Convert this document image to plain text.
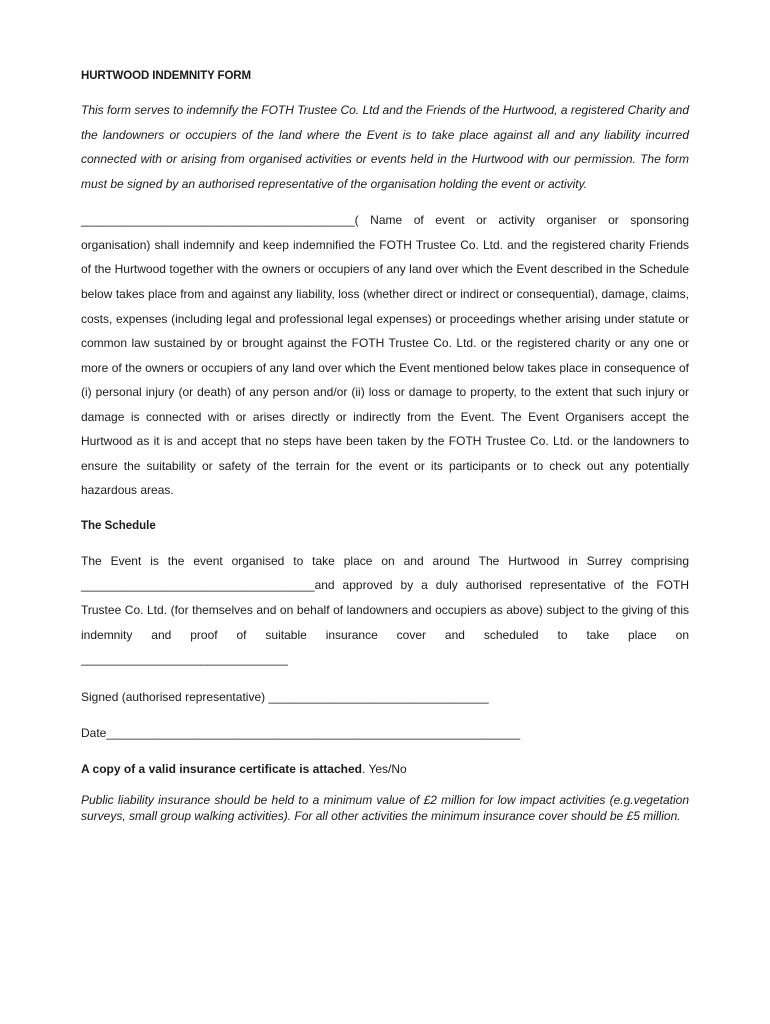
HURTWOOD INDEMNITY FORM

This form serves to indemnify the FOTH Trustee Co. Ltd and the Friends of the Hurtwood, a registered Charity and the landowners or occupiers of the land where the Event is to take place against all and any liability incurred connected with or arising from organised activities or events held in the Hurtwood with our permission. The form must be signed by an authorised representative of the organisation holding the event or activity.

_________________________________________( Name of event or activity organiser or sponsoring organisation) shall indemnify and keep indemnified the FOTH Trustee Co. Ltd. and the registered charity Friends of the Hurtwood together with the owners or occupiers of any land over which the Event described in the Schedule below takes place from and against any liability, loss (whether direct or indirect or consequential), damage, claims, costs, expenses (including legal and professional legal expenses) or proceedings whether arising under statute or common law sustained by or brought against the FOTH Trustee Co. Ltd. or the registered charity or any one or more of the owners or occupiers of any land over which the Event mentioned below takes place in consequence of (i) personal injury (or death) of any person and/or (ii) loss or damage to property, to the extent that such injury or damage is connected with or arises directly or indirectly from the Event. The Event Organisers accept the Hurtwood as it is and accept that no steps have been taken by the FOTH Trustee Co. Ltd. or the landowners to ensure the suitability or safety of the terrain for the event or its participants or to check out any potentially hazardous areas.

The Schedule

The Event is the event organised to take place on and around The Hurtwood in Surrey comprising ___________________________________and approved by a duly authorised representative of the FOTH Trustee Co. Ltd. (for themselves and on behalf of landowners and occupiers as above) subject to the giving of this indemnity and proof of suitable insurance cover and scheduled to take place on _______________________________

Signed (authorised representative) _________________________________

Date______________________________________________________________

A copy of a valid insurance certificate is attached. Yes/No

Public liability insurance should be held to a minimum value of £2 million for low impact activities (e.g.vegetation surveys, small group walking activities). For all other activities the minimum insurance cover should be £5 million.
